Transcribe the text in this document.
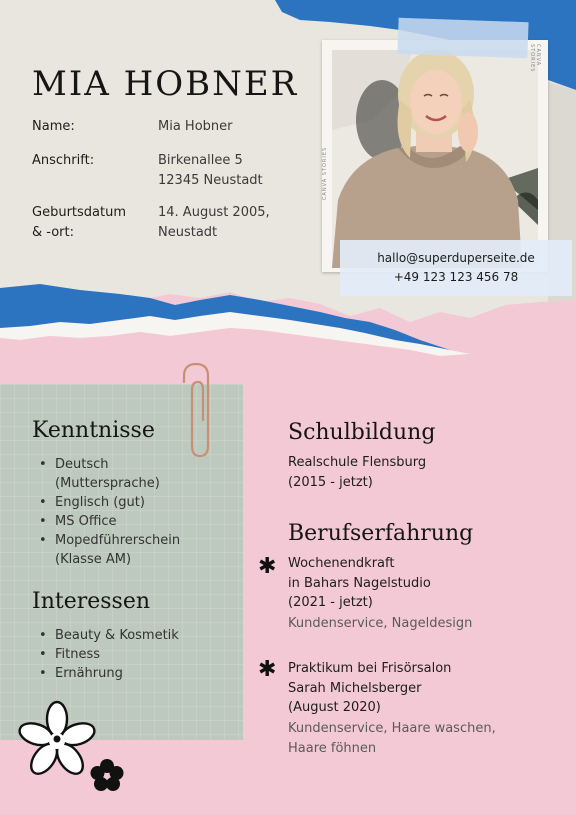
MIA HOBNER
Name:	Mia Hobner
Anschrift:	Birkenallee 5
12345 Neustadt
Geburtsdatum
& -ort:
14. August 2005,
Neustadt
CANVA STORIES
CANVA STORIES
hallo@superduperseite.de
+49 123 123 456 78
Kenntnisse
• Deutsch
(Muttersprache)
• Englisch (gut)
• MS Office
• Mopedführerschein
(Klasse AM)
Interessen
• Beauty & Kosmetik
• Fitness
• Ernährung
Schulbildung
Realschule Flensburg
(2015 - jetzt)
Berufserfahrung
✱ Wochenendkraft
in Bahars Nagelstudio
(2021 - jetzt)
Kundenservice, Nageldesign
✱ Praktikum bei Frisörsalon
Sarah Michelsberger
(August 2020)
Kundenservice, Haare waschen,
Haare föhnen
